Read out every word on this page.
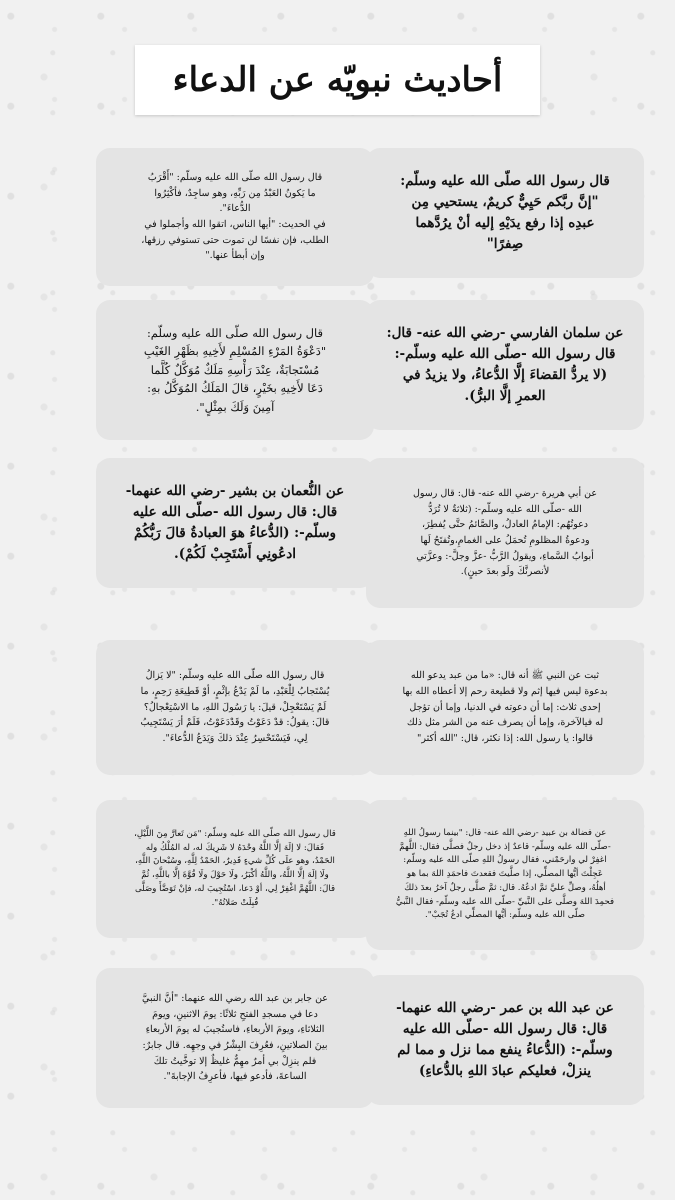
أحاديث نبويّه عن الدعاء

قال رسول الله صلّى الله عليه وسلّم:
"إنَّ ربَّكم حَيِيٌّ كريمٌ، يستحيي مِن
عبدِه إذا رفع يدَيْهِ إليه أنْ يرُدَّهما
صِفرًا"

قال رسول الله صلّى الله عليه وسلّم: "أَقْرَبُ
ما يَكونُ العَبْدُ مِن رَبِّهِ، وهو ساجِدٌ، فأكْثِرُوا
الدُّعاءَ".
في الحديث: "أيها الناس، اتقوا الله وأجملوا في
الطلب، فإن نفسًا لن تموت حتى تستوفي رزقها،
وإن أبطأ عنها."

عن سلمان الفارسي -رضي الله عنه- قال:
قال رسول الله -صلّى الله عليه وسلّم-:
(لا يردُّ القضاءَ إلَّا الدُّعاءُ، ولا يزيدُ في
العمرِ إلَّا البرُّ).

قال رسول الله صلّى الله عليه وسلّم:
"دَعْوَةُ المَرْءِ المُسْلِمِ لأَخِيهِ بظَهْرِ الغَيْبِ
مُسْتَجابَةٌ، عِنْدَ رَأْسِهِ مَلَكٌ مُوَكَّلٌ كُلَّما
دَعَا لأَخِيهِ بخَيْرٍ، قالَ المَلَكُ المُوَكَّلُ بهِ:
آمِينَ وَلَكَ بمِثْلٍ".

عن أبي هريرة -رضي الله عنه- قال: قال رسول
الله -صلّى الله عليه وسلّم-: (ثلاثةٌ لا تُرَدُّ
دعوتُهُم: الإمامُ العادلُ، والصَّائمُ حتَّى يُفطِرَ،
ودعوةُ المظلومِ تُحمَلُ على الغمامِ،وتُفتَحُ لَها
أبوابُ السَّماءِ، ويقولُ الرَّبُّ -عزَّ وجلَّ-: وعزَّتي
لأنصرنَّكَ ولَو بعدَ حينٍ).

عن النُّعمان بن بشير -رضي الله عنهما-
قال: قال رسول الله -صلّى الله عليه
وسلّم-: (الدُّعاءُ هوَ العبادةُ قالَ رَبُّكُمْ
ادعُونِي أَسْتَجِبْ لَكُمْ).

ثبت عن النبي ﷺ أنه قال: «ما من عبد يدعو الله
بدعوة ليس فيها إثم ولا قطيعة رحم إلا أعطاه الله بها
إحدى ثلاث: إما أن دعوته في الدنيا، وإما أن تؤجل
له فيالآخرة، وإما أن يصرف عنه من الشر مثل ذلك
قالوا: يا رسول الله: إذا نكثر، قال: "الله أكثر"

قال رسول الله صلّى الله عليه وسلّم: "لا يَزالُ
يُسْتَجابُ لِلْعَبْدِ، ما لَمْ يَدْعُ بإثْمٍ، أوْ قَطِيعَةِ رَحِمٍ، ما
لَمْ يَسْتَعْجِلْ، قيلَ: يا رَسُولَ اللهِ، ما الاسْتِعْجالُ؟
قالَ: يقولُ: قدْ دَعَوْتُ وقَدْدَعَوْتُ، فَلَمْ أرَ يَسْتَجِيبُ
لِي، فَيَسْتَحْسِرُ عِنْدَ ذلكَ وَيَدَعُ الدُّعاءَ".

عن فضالة بن عبيد -رضي الله عنه- قال: "بينما رسولُ اللهِ
-صلّى الله عليه وسلّم- قاعدٌ إذ دخل رجلٌ فصلَّى فقال: اللَّهمَّ
اغفِرْ لي وارحَمْني، فقال رسولُ اللهِ صلّى الله عليه وسلّم:
عَجِلْتَ أيُّها المصلِّي، إذا صلَّيتَ فقعدتَ فاحمَدِ اللهَ بما هو
أهلُهُ، وصلِّ عليَّ ثمَّ ادعُهُ. قال: ثمَّ صلَّى رجلٌ آخرُ بعدَ ذلكَ
فحمِدَ اللهَ وصلَّى على النَّبيِّ -صلّى الله عليه وسلّم- فقال النَّبيُّ
صلّى الله عليه وسلّم: أيُّها المصلِّي ادعُ تُجَبْ".

قال رسول الله صلّى الله عليه وسلّم: "مَن تَعارَّ مِنَ اللَّيْلِ،
فَقالَ: لا إلَهَ إلَّا اللَّهُ وحْدَهُ لا شَرِيكَ له، له المُلْكُ وله
الحَمْدُ، وهو علَى كُلِّ شيءٍ قَدِيرٌ، الحَمْدُ لِلَّهِ، وسُبْحانَ اللَّهِ،
ولَا إلَهَ إلَّا اللَّهُ، واللَّهُ أكْبَرُ، ولَا حَوْلَ ولَا قُوَّةَ إلَّا باللَّهِ، ثُمَّ
قالَ: اللَّهُمَّ اغْفِرْ لِي، أوْ دَعا، اسْتُجِيبَ له، فإنْ تَوَضَّأَ وصَلَّى
قُبِلَتْ صَلاتُهُ".

عن عبد الله بن عمر -رضي الله عنهما-
قال: قال رسول الله -صلّى الله عليه
وسلّم-: (الدُّعاءُ ينفع مما نزل و مما لم
ينزلْ، فعليكم عبادَ اللهِ بالدُّعاءِ)

عن جابر بن عبد الله رضي الله عنهما: "أنَّ النبيَّ
دعا في مسجدِ الفتحِ ثلاثًا: يومَ الاثنينِ، ويومَ
الثلاثاءِ، ويومَ الأربعاءِ، فاستُجيبَ له يومَ الأربعاءِ
بينَ الصلاتينِ، فعُرِفَ البِشْرُ في وجهِه. قال جابرٌ:
فلم ينزِلْ بي أمرٌ مهِمٌّ غليظٌ إلا توخَّيتُ تلكَ
الساعةَ، فأدعو فيها، فأعرِفُ الإجابةَ".
